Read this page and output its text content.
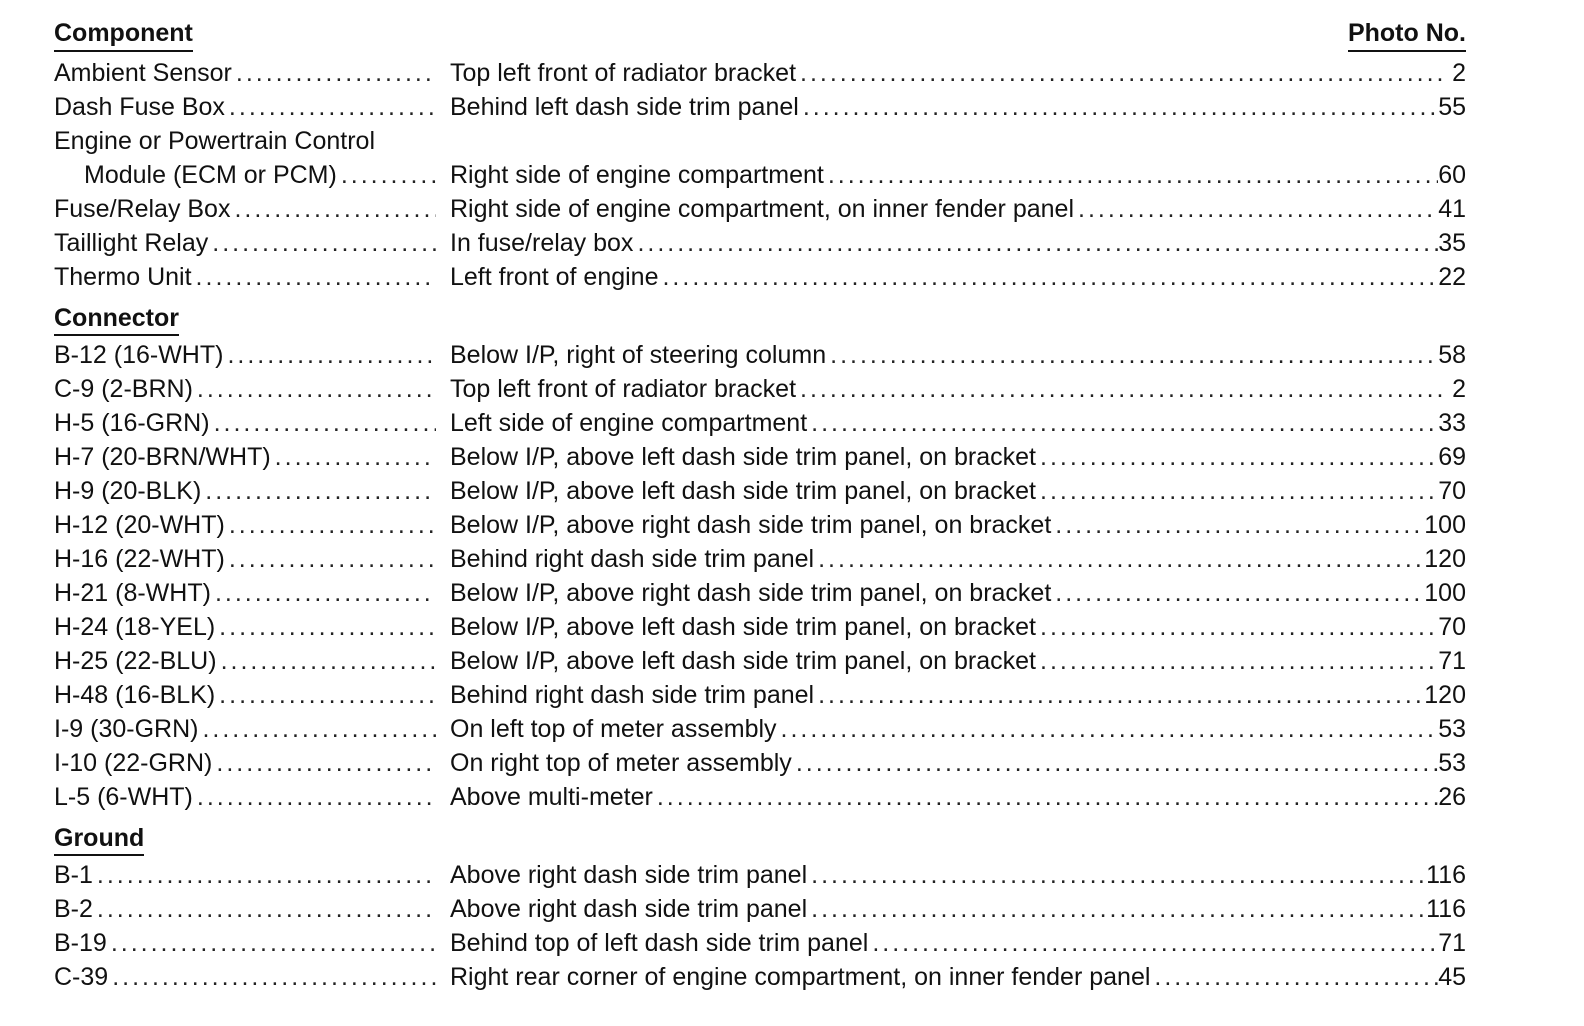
Component	Photo No.
Ambient Sensor .....	Top left front of radiator bracket .....	2
Dash Fuse Box .....	Behind left dash side trim panel .....	55
Engine or Powertrain Control
Module (ECM or PCM) .....	Right side of engine compartment .....	60
Fuse/Relay Box .....	Right side of engine compartment, on inner fender panel .....	41
Taillight Relay .....	In fuse/relay box .....	35
Thermo Unit .....	Left front of engine .....	22
Connector
B-12 (16-WHT) .....	Below I/P, right of steering column .....	58
C-9 (2-BRN) .....	Top left front of radiator bracket .....	2
H-5 (16-GRN) .....	Left side of engine compartment .....	33
H-7 (20-BRN/WHT) .....	Below I/P, above left dash side trim panel, on bracket .....	69
H-9 (20-BLK) .....	Below I/P, above left dash side trim panel, on bracket .....	70
H-12 (20-WHT) .....	Below I/P, above right dash side trim panel, on bracket .....	100
H-16 (22-WHT) .....	Behind right dash side trim panel .....	120
H-21 (8-WHT) .....	Below I/P, above right dash side trim panel, on bracket .....	100
H-24 (18-YEL) .....	Below I/P, above left dash side trim panel, on bracket .....	70
H-25 (22-BLU) .....	Below I/P, above left dash side trim panel, on bracket .....	71
H-48 (16-BLK) .....	Behind right dash side trim panel .....	120
I-9 (30-GRN) .....	On left top of meter assembly .....	53
I-10 (22-GRN) .....	On right top of meter assembly .....	53
L-5 (6-WHT) .....	Above multi-meter .....	26
Ground
B-1 .....	Above right dash side trim panel .....	116
B-2 .....	Above right dash side trim panel .....	116
B-19 .....	Behind top of left dash side trim panel .....	71
C-39 .....	Right rear corner of engine compartment, on inner fender panel .....	45
